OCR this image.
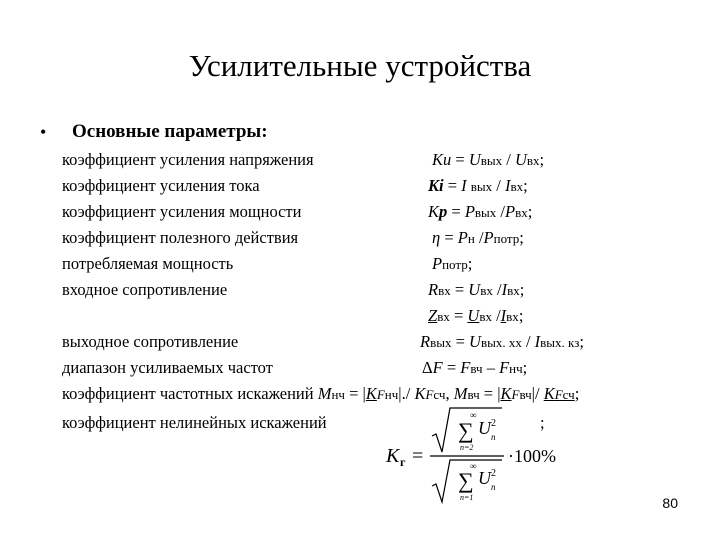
Усилительные устройства
• Основные параметры:
коэффициент усиления напряжения	Ku = Uвых / Uвх;
коэффициент усиления тока	Ki = I вых / Iвх;
коэффициент усиления мощности	Kp = Pвых /Pвх;
коэффициент полезного действия	η = Pн /Pпотр;
потребляемая мощность	Pпотр;
входное сопротивление	Rвх = Uвх /Iвх;
Zвх = Uвх /Iвх;
выходное сопротивление	Rвых = Uвых. хх / Iвых. кз;
диапазон усиливаемых частот	ΔF = Fвч – Fнч;
коэффициент частотных искажений Mнч = |KFнч|./ KFсч, Mвч = |KFвч|/ KFсч;
коэффициент нелинейных искажений	;
K г =
∑
∞
n=2
U 2
n
∑
∞
n=1
U 2
n
·100%
80
